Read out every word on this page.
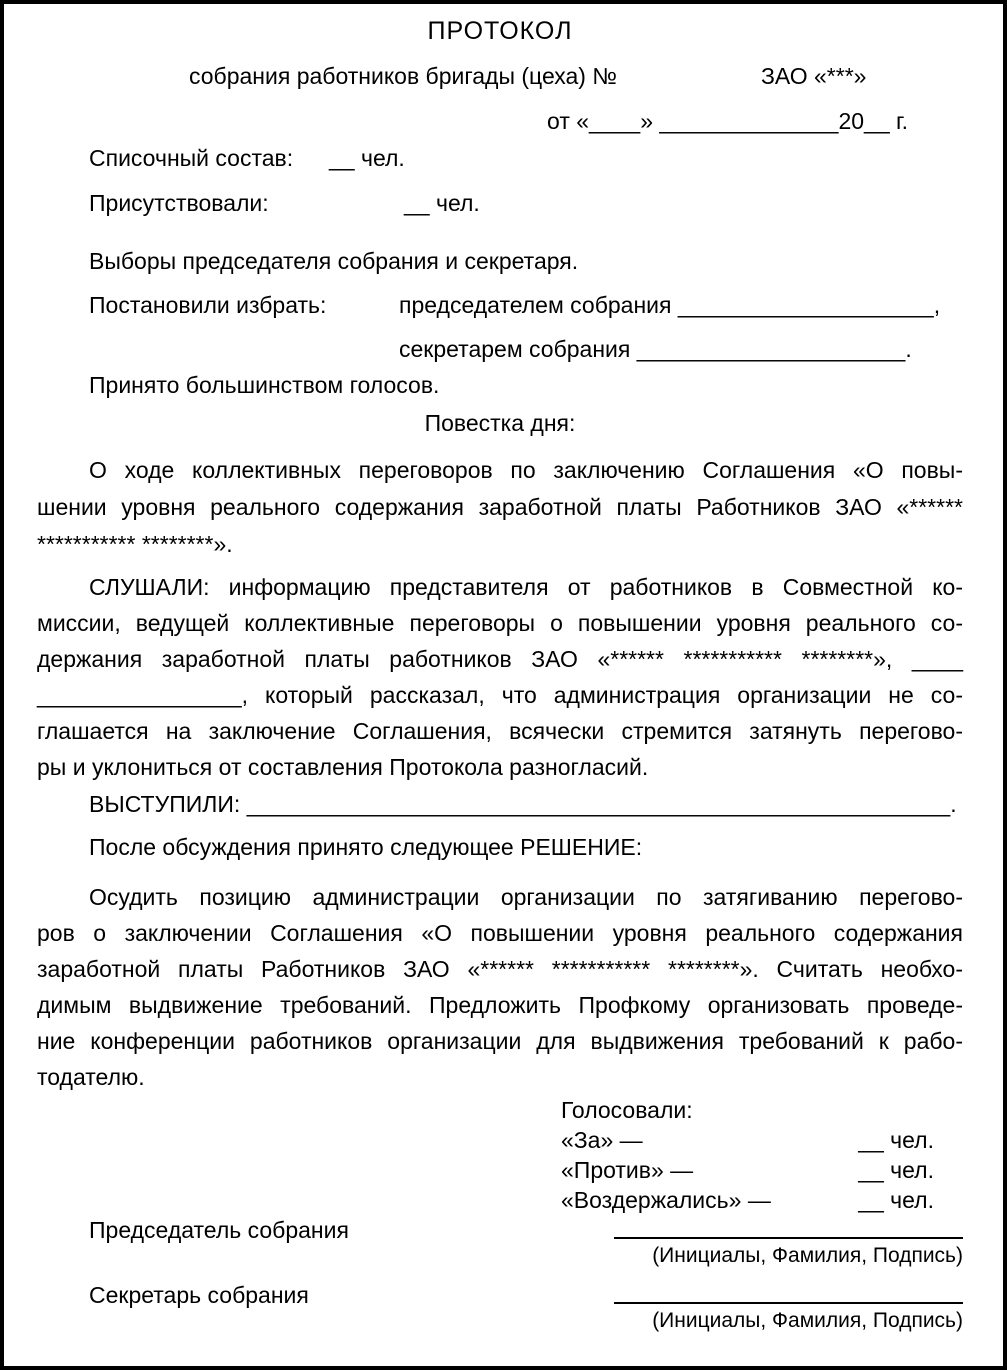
ПРОТОКОЛ
собрания работников бригады (цеха) №	ЗАО «***»
от «____» ______________20__ г.
Списочный состав: __ чел.
Присутствовали:	__ чел.
Выборы председателя собрания и секретаря.
Постановили избрать:	председателем собрания ____________________,
секретарем собрания _____________________.
Принято большинством голосов.
Повестка дня:
О ходе коллективных переговоров по заключению Соглашения «О повы-
шении уровня реального содержания заработной платы Работников ЗАО «******
*********** ********».
СЛУШАЛИ: информацию представителя от работников в Совместной ко-
миссии, ведущей коллективные переговоры о повышении уровня реального со-
держания заработной платы работников ЗАО «****** *********** ********», ____
________________, который рассказал, что администрация организации не со-
глашается на заключение Соглашения, всячески стремится затянуть перегово-
ры и уклониться от составления Протокола разногласий.
ВЫСТУПИЛИ: _______________________________________________________.
После обсуждения принято следующее РЕШЕНИЕ:
Осудить позицию администрации организации по затягиванию перегово-
ров о заключении Соглашения «О повышении уровня реального содержания
заработной платы Работников ЗАО «****** *********** ********». Считать необхо-
димым выдвижение требований. Предложить Профкому организовать проведе-
ние конференции работников организации для выдвижения требований к рабо-
тодателю.
Голосовали:
«За» —	__ чел.
«Против» —	__ чел.
«Воздержались» —	__ чел.
Председатель собрания
(Инициалы, Фамилия, Подпись)
Секретарь собрания
(Инициалы, Фамилия, Подпись)
